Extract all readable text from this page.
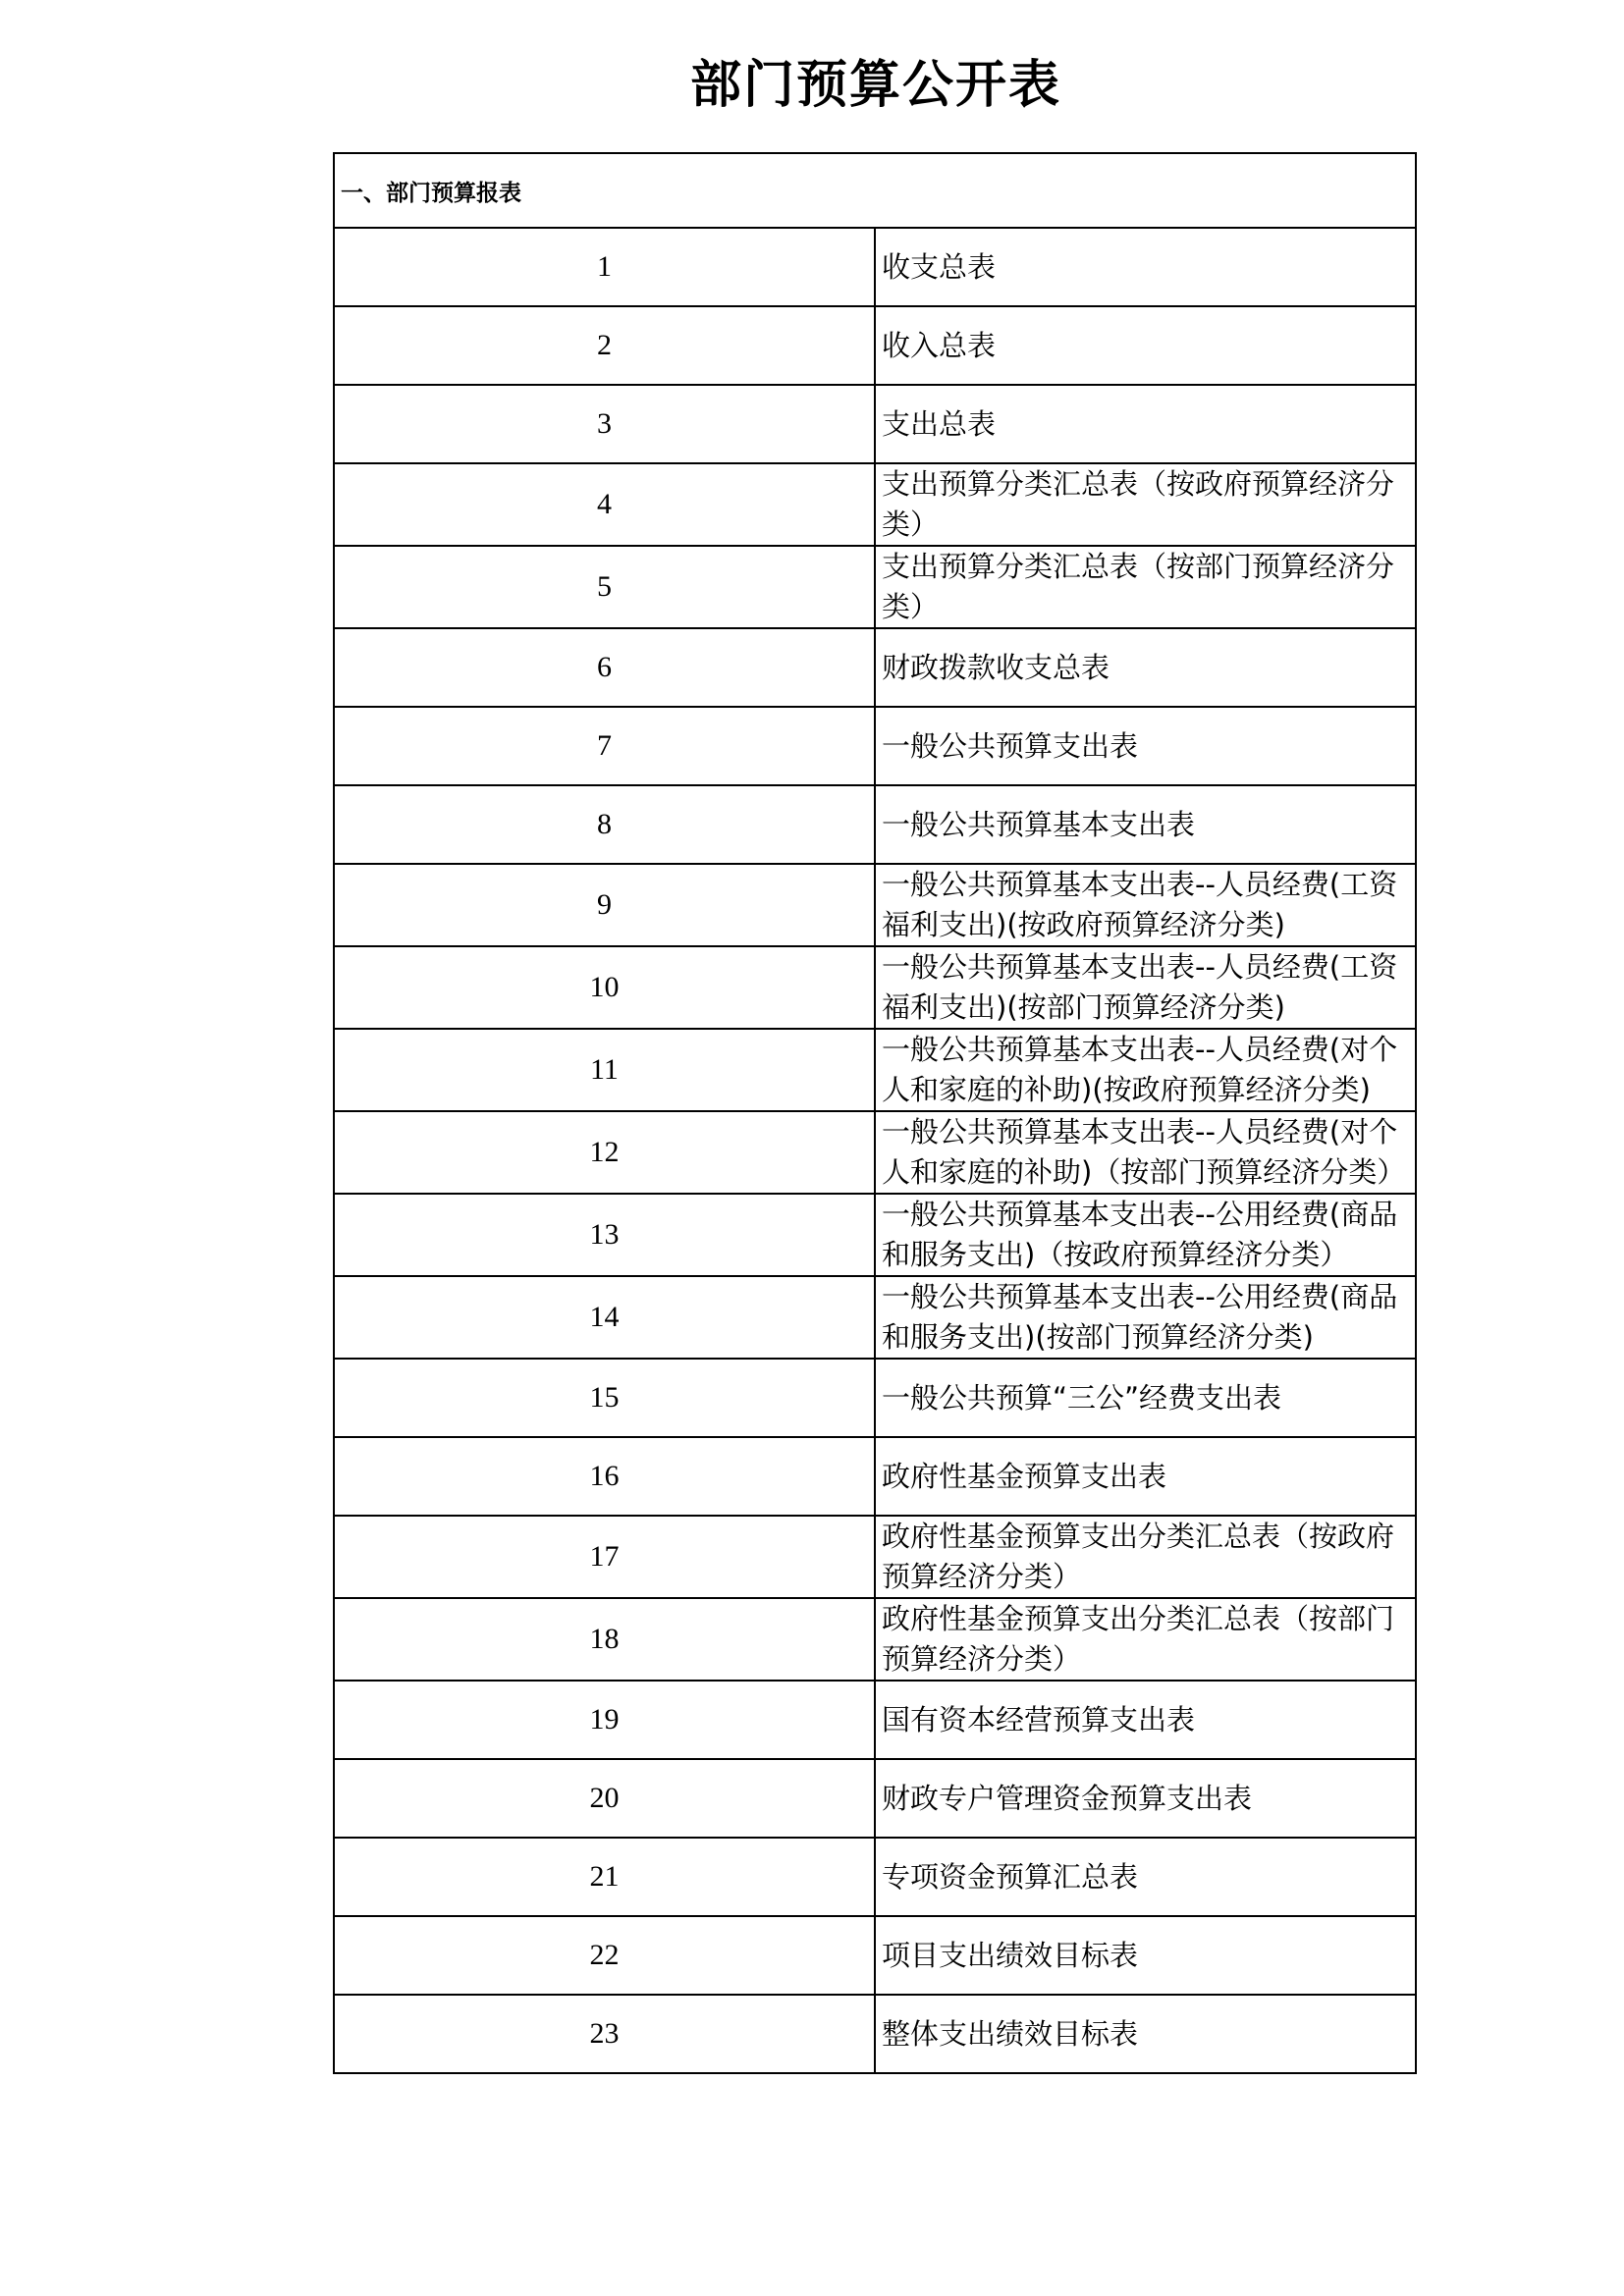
部门预算公开表
一、部门预算报表	
1	收支总表
2	收入总表
3	支出总表
4	支出预算分类汇总表（按政府预算经济分类）
5	支出预算分类汇总表（按部门预算经济分类）
6	财政拨款收支总表
7	一般公共预算支出表
8	一般公共预算基本支出表
9	一般公共预算基本支出表--人员经费(工资福利支出)(按政府预算经济分类)
10	一般公共预算基本支出表--人员经费(工资福利支出)(按部门预算经济分类)
11	一般公共预算基本支出表--人员经费(对个人和家庭的补助)(按政府预算经济分类)
12	一般公共预算基本支出表--人员经费(对个人和家庭的补助)（按部门预算经济分类）
13	一般公共预算基本支出表--公用经费(商品和服务支出)（按政府预算经济分类）
14	一般公共预算基本支出表--公用经费(商品和服务支出)(按部门预算经济分类)
15	一般公共预算“三公”经费支出表
16	政府性基金预算支出表
17	政府性基金预算支出分类汇总表（按政府预算经济分类）
18	政府性基金预算支出分类汇总表（按部门预算经济分类）
19	国有资本经营预算支出表
20	财政专户管理资金预算支出表
21	专项资金预算汇总表
22	项目支出绩效目标表
23	整体支出绩效目标表
